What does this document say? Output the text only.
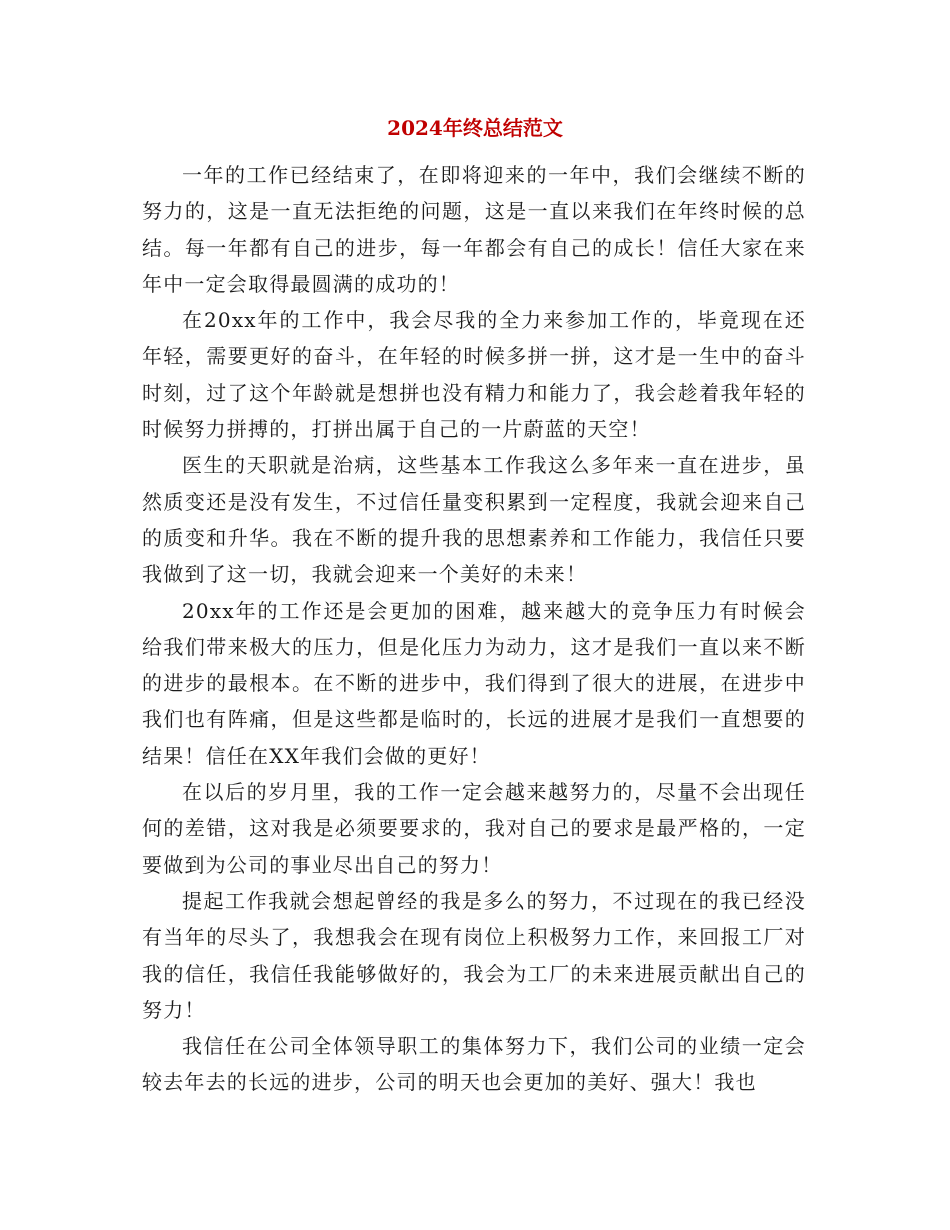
2024年终总结范文

一年的工作已经结束了，在即将迎来的一年中，我们会继续不断的努力的，这是一直无法拒绝的问题，这是一直以来我们在年终时候的总结。每一年都有自己的进步，每一年都会有自己的成长！信任大家在来年中一定会取得最圆满的成功的！

在20xx年的工作中，我会尽我的全力来参加工作的，毕竟现在还年轻，需要更好的奋斗，在年轻的时候多拼一拼，这才是一生中的奋斗时刻，过了这个年龄就是想拼也没有精力和能力了，我会趁着我年轻的时候努力拼搏的，打拼出属于自己的一片蔚蓝的天空！

医生的天职就是治病，这些基本工作我这么多年来一直在进步，虽然质变还是没有发生，不过信任量变积累到一定程度，我就会迎来自己的质变和升华。我在不断的提升我的思想素养和工作能力，我信任只要我做到了这一切，我就会迎来一个美好的未来！

20xx年的工作还是会更加的困难，越来越大的竞争压力有时候会给我们带来极大的压力，但是化压力为动力，这才是我们一直以来不断的进步的最根本。在不断的进步中，我们得到了很大的进展，在进步中我们也有阵痛，但是这些都是临时的，长远的进展才是我们一直想要的结果！信任在XX年我们会做的更好！

在以后的岁月里，我的工作一定会越来越努力的，尽量不会出现任何的差错，这对我是必须要要求的，我对自己的要求是最严格的，一定要做到为公司的事业尽出自己的努力！

提起工作我就会想起曾经的我是多么的努力，不过现在的我已经没有当年的尽头了，我想我会在现有岗位上积极努力工作，来回报工厂对我的信任，我信任我能够做好的，我会为工厂的未来进展贡献出自己的努力！

我信任在公司全体领导职工的集体努力下，我们公司的业绩一定会较去年去的长远的进步，公司的明天也会更加的美好、强大！我也
